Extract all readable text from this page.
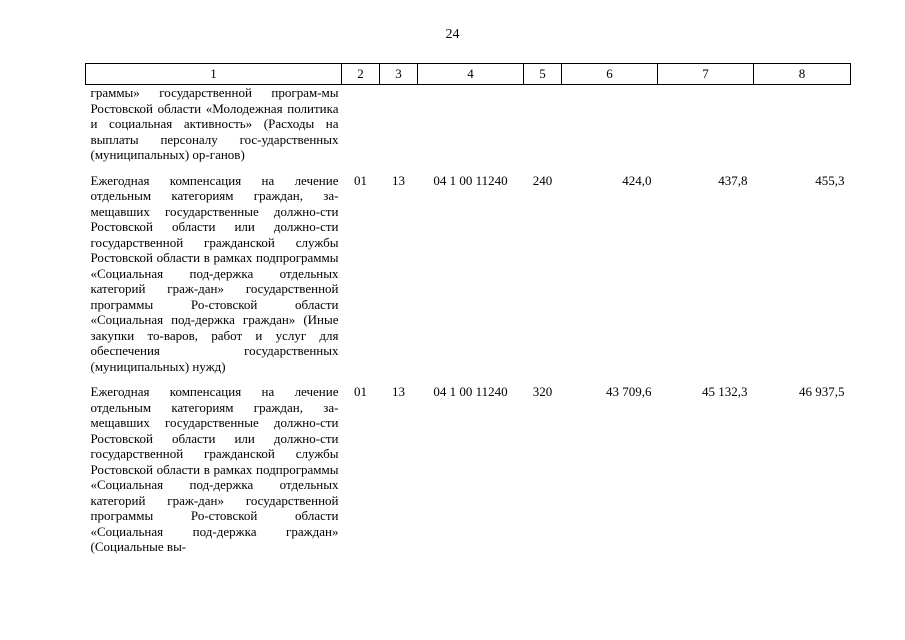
24
1	2	3	4	5	6	7	8
граммы» государственной програм-мы Ростовской области «Молодежная политика и социальная активность» (Расходы на выплаты персоналу гос-ударственных (муниципальных) ор-ганов)							

Ежегодная компенсация на лечение отдельным категориям граждан, за-мещавших государственные должно-сти Ростовской области или должно-сти государственной гражданской службы Ростовской области в рамках подпрограммы «Социальная под-держка отдельных категорий граж-дан» государственной программы Ро-стовской области «Социальная под-держка граждан» (Иные закупки то-варов, работ и услуг для обеспечения государственных (муниципальных) нужд)	01	13	04 1 00 11240	240	424,0	437,8	455,3

Ежегодная компенсация на лечение отдельным категориям граждан, за-мещавших государственные должно-сти Ростовской области или должно-сти государственной гражданской службы Ростовской области в рамках подпрограммы «Социальная под-держка отдельных категорий граж-дан» государственной программы Ро-стовской области «Социальная под-держка граждан» (Социальные вы-	01	13	04 1 00 11240	320	43 709,6	45 132,3	46 937,5
